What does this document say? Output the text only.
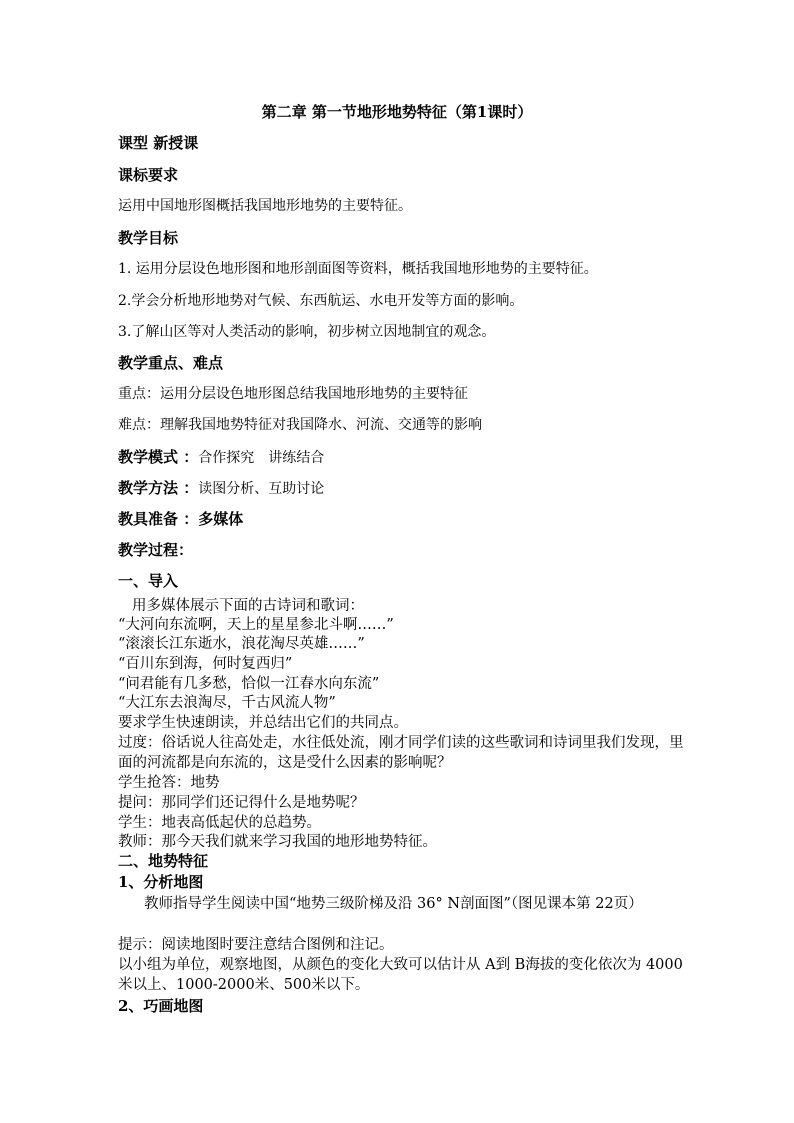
第二章 第一节地形地势特征（第1课时）
课型 新授课
课标要求
运用中国地形图概括我国地形地势的主要特征。
教学目标
1. 运用分层设色地形图和地形剖面图等资料，概括我国地形地势的主要特征。
2.学会分析地形地势对气候、东西航运、水电开发等方面的影响。
3.了解山区等对人类活动的影响，初步树立因地制宜的观念。
教学重点、难点
重点：运用分层设色地形图总结我国地形地势的主要特征
难点：理解我国地势特征对我国降水、河流、交通等的影响
教学模式 ：合作探究　讲练结合
教学方法 ：读图分析、互助讨论
教具准备 ：多媒体
教学过程：
一、导入
用多媒体展示下面的古诗词和歌词：
“大河向东流啊，天上的星星参北斗啊……”
“滚滚长江东逝水，浪花淘尽英雄……”
“百川东到海，何时复西归”
“问君能有几多愁，恰似一江春水向东流”
“大江东去浪淘尽，千古风流人物”
要求学生快速朗读，并总结出它们的共同点。
过度：俗话说人往高处走，水往低处流，刚才同学们读的这些歌词和诗词里我们发现，里面的河流都是向东流的，这是受什么因素的影响呢？
学生抢答：地势
提问：那同学们还记得什么是地势呢？
学生：地表高低起伏的总趋势。
教师：那今天我们就来学习我国的地形地势特征。
二、地势特征
1、分析地图
教师指导学生阅读中国“地势三级阶梯及沿 36° N剖面图”（图见课本第 22页）
提示：阅读地图时要注意结合图例和注记。
以小组为单位，观察地图，从颜色的变化大致可以估计从 A到 B海拔的变化依次为 4000米以上、1000-2000米、500米以下。
2、巧画地图
